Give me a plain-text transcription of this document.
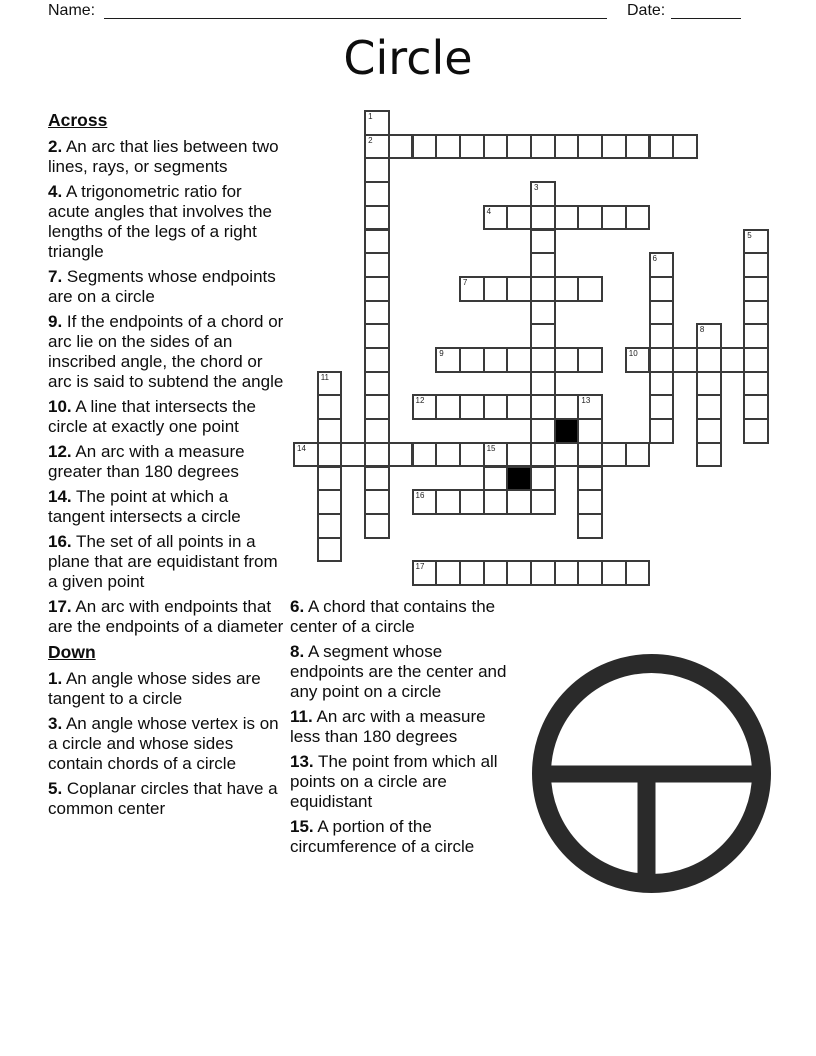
Name:	Date:
Circle
1
2
3
4
5
6
7
8
9	10
11
12	13
14	15
16
17
Across
2. An arc that lies between two lines, rays, or segments
4. A trigonometric ratio for acute angles that involves the lengths of the legs of a right triangle
7. Segments whose endpoints are on a circle
9. If the endpoints of a chord or arc lie on the sides of an inscribed angle, the chord or arc is said to subtend the angle
10. A line that intersects the circle at exactly one point
12. An arc with a measure greater than 180 degrees
14. The point at which a tangent intersects a circle
16. The set of all points in a plane that are equidistant from a given point
17. An arc with endpoints that are the endpoints of a diameter
Down
1. An angle whose sides are tangent to a circle
3. An angle whose vertex is on a circle and whose sides contain chords of a circle
5. Coplanar circles that have a common center
6. A chord that contains the center of a circle
8. A segment whose endpoints are the center and any point on a circle
11. An arc with a measure less than 180 degrees
13. The point from which all points on a circle are equidistant
15. A portion of the circumference of a circle
